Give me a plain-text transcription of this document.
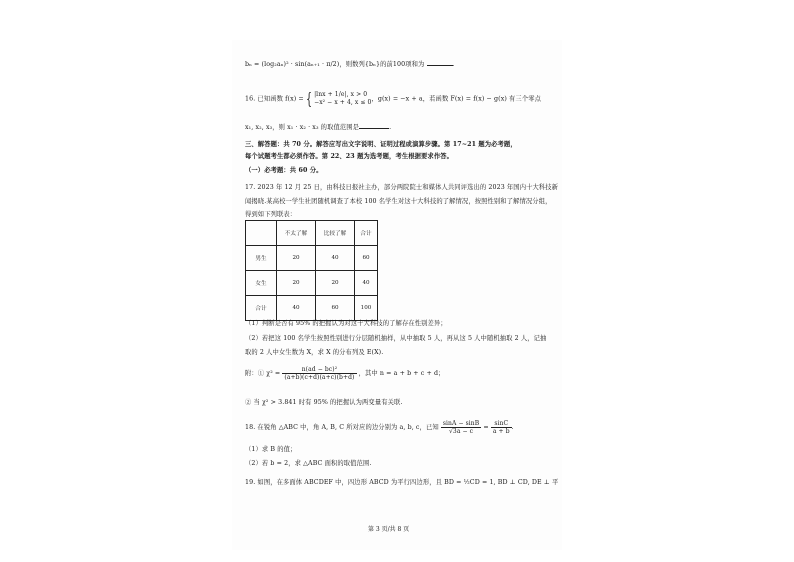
bₙ = (log₂aₙ)² · sin(aₙ₊₁ · π/2)，则数列{bₙ}的前100项和为	.
16. 已知函数 f(x) = { |lnx + 1/e|, x > 0
−x² − x + 4, x ≤ 0 ，g(x) = −x + a，若函数 F(x) = f(x) − g(x) 有三个零点
x₁, x₂, x₃，则 x₁ · x₂ · x₃ 的取值范围是	.
三、解答题：共 70 分。解答应写出文字说明、证明过程或演算步骤。第 17~21 题为必考题，
每个试题考生都必须作答。第 22、23 题为选考题，考生根据要求作答。
（一）必考题：共 60 分。
17. 2023 年 12 月 25 日，由科技日报社主办，部分两院院士和媒体人共同评选出的 2023 年国内十大科技新
闻揭晓.某高校一学生社团随机调查了本校 100 名学生对这十大科技的了解情况，按照性别和了解情况分组，
得到如下列联表：
	不太了解	比较了解	合计
男生	20	40	60
女生	20	20	40
合计	40	60	100
（1）判断是否有 95% 的把握认为对这十大科技的了解存在性别差异；
（2）若把这 100 名学生按照性别进行分层随机抽样，从中抽取 5 人，再从这 5 人中随机抽取 2 人，记抽
取的 2 人中女生数为 X，求 X 的分布列及 E(X).
附：① $\chi^2 = \frac{\text{n(ad − bc)²}}{(a+b)(c+d)(a+c)(b+d)}$ ，其中 n = a + b + c + d；
② 当 χ² > 3.841 时有 95% 的把握认为两变量有关联.
18. 在锐角 △ABC 中，角 A, B, C 所对应的边分别为 a, b, c，已知 $\frac{\sin A - \sin B}{√3a - c} = \frac{\sin C}{a + b}$ .
（1）求 B 的值；
（2）若 b = 2，求 △ABC 面积的取值范围.
19. 如图，在多面体 ABCDEF 中，四边形 ABCD 为平行四边形，且 BD = ½CD = 1, BD ⊥ CD, DE ⊥ 平
第 3 页/共 8 页
